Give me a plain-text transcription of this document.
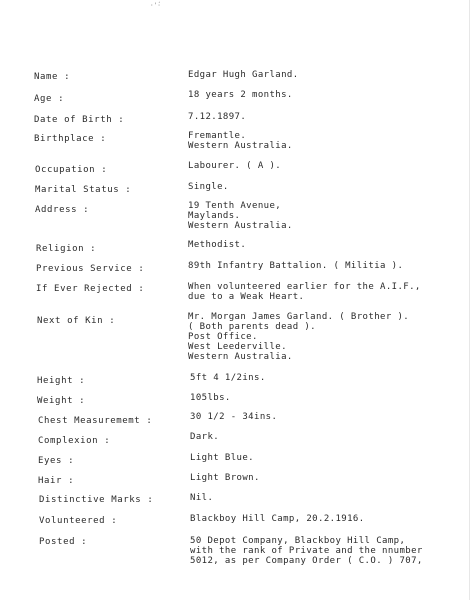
·'́·
Name :	Edgar Hugh Garland.
Age :	18 years 2 months.
Date of Birth :	7.12.1897.
Birthplace :	Fremantle.
Western Australia.
Occupation :	Labourer. ( A ).
Marital Status :	Single.
Address :	19 Tenth Avenue,
Maylands.
Western Australia.
Religion :	Methodist.
Previous Service :	89th Infantry Battalion. ( Militia ).
If Ever Rejected :	When volunteered earlier for the A.I.F.,
due to a Weak Heart.
Next of Kin :	Mr. Morgan James Garland. ( Brother ).
( Both parents dead ).
Post Office.
West Leederville.
Western Australia.
Height :	5ft 4 1/2ins.
Weight :	105lbs.
Chest Measurememt :	30 1/2 - 34ins.
Complexion :	Dark.
Eyes :	Light Blue.
Hair :	Light Brown.
Distinctive Marks :	Nil.
Volunteered :	Blackboy Hill Camp, 20.2.1916.
Posted :	50 Depot Company, Blackboy Hill Camp,
with the rank of Private and the nnumber
5012, as per Company Order ( C.O. ) 707,
